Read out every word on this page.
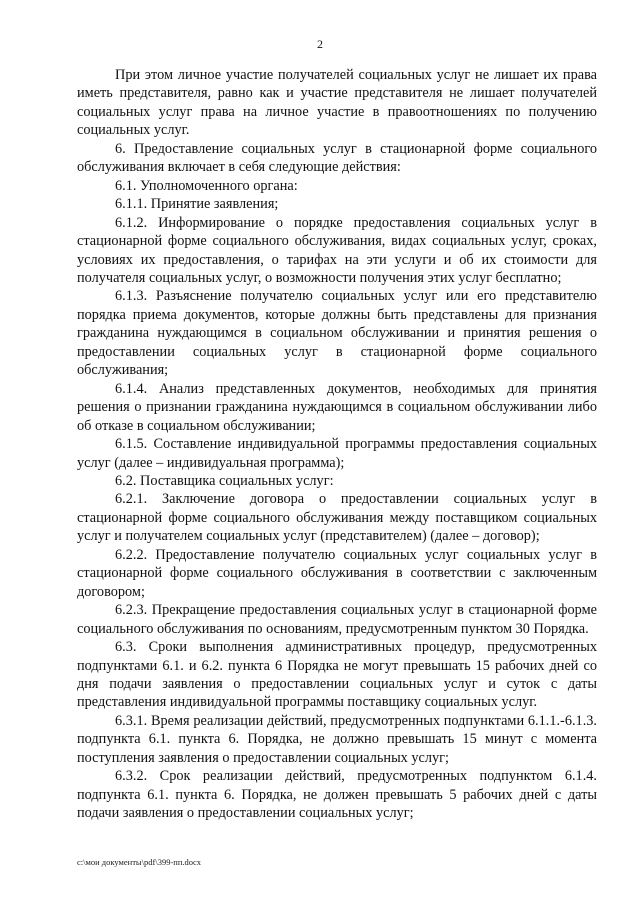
2

При этом личное участие получателей социальных услуг не лишает их права иметь представителя, равно как и участие представителя не лишает получателей социальных услуг права на личное участие в правоотношениях по получению социальных услуг.

6. Предоставление социальных услуг в стационарной форме социального обслуживания включает в себя следующие действия:

6.1. Уполномоченного органа:

6.1.1. Принятие заявления;

6.1.2. Информирование о порядке предоставления социальных услуг в стационарной форме социального обслуживания, видах социальных услуг, сроках, условиях их предоставления, о тарифах на эти услуги и об их стоимости для получателя социальных услуг, о возможности получения этих услуг бесплатно;

6.1.3. Разъяснение получателю социальных услуг или его представителю порядка приема документов, которые должны быть представлены для признания гражданина нуждающимся в социальном обслуживании и принятия решения о предоставлении социальных услуг в стационарной форме социального обслуживания;

6.1.4. Анализ представленных документов, необходимых для принятия решения о признании гражданина нуждающимся в социальном обслуживании либо об отказе в социальном обслуживании;

6.1.5. Составление индивидуальной программы предоставления социальных услуг (далее – индивидуальная программа);

6.2. Поставщика социальных услуг:

6.2.1. Заключение договора о предоставлении социальных услуг в стационарной форме социального обслуживания между поставщиком социальных услуг и получателем социальных услуг (представителем) (далее – договор);

6.2.2. Предоставление получателю социальных услуг социальных услуг в стационарной форме социального обслуживания в соответствии с заключенным договором;

6.2.3. Прекращение предоставления социальных услуг в стационарной форме социального обслуживания по основаниям, предусмотренным пунктом 30 Порядка.

6.3. Сроки выполнения административных процедур, предусмотренных подпунктами 6.1. и 6.2. пункта 6 Порядка не могут превышать 15 рабочих дней со дня подачи заявления о предоставлении социальных услуг и суток с даты представления индивидуальной программы поставщику социальных услуг.

6.3.1. Время реализации действий, предусмотренных подпунктами 6.1.1.-6.1.3. подпункта 6.1. пункта 6. Порядка, не должно превышать 15 минут с момента поступления заявления о предоставлении социальных услуг;

6.3.2. Срок реализации действий, предусмотренных подпунктом 6.1.4. подпункта 6.1. пункта 6. Порядка, не должен превышать 5 рабочих дней с даты подачи заявления о предоставлении социальных услуг;

c:\мои документы\pdf\399-пп.docx
